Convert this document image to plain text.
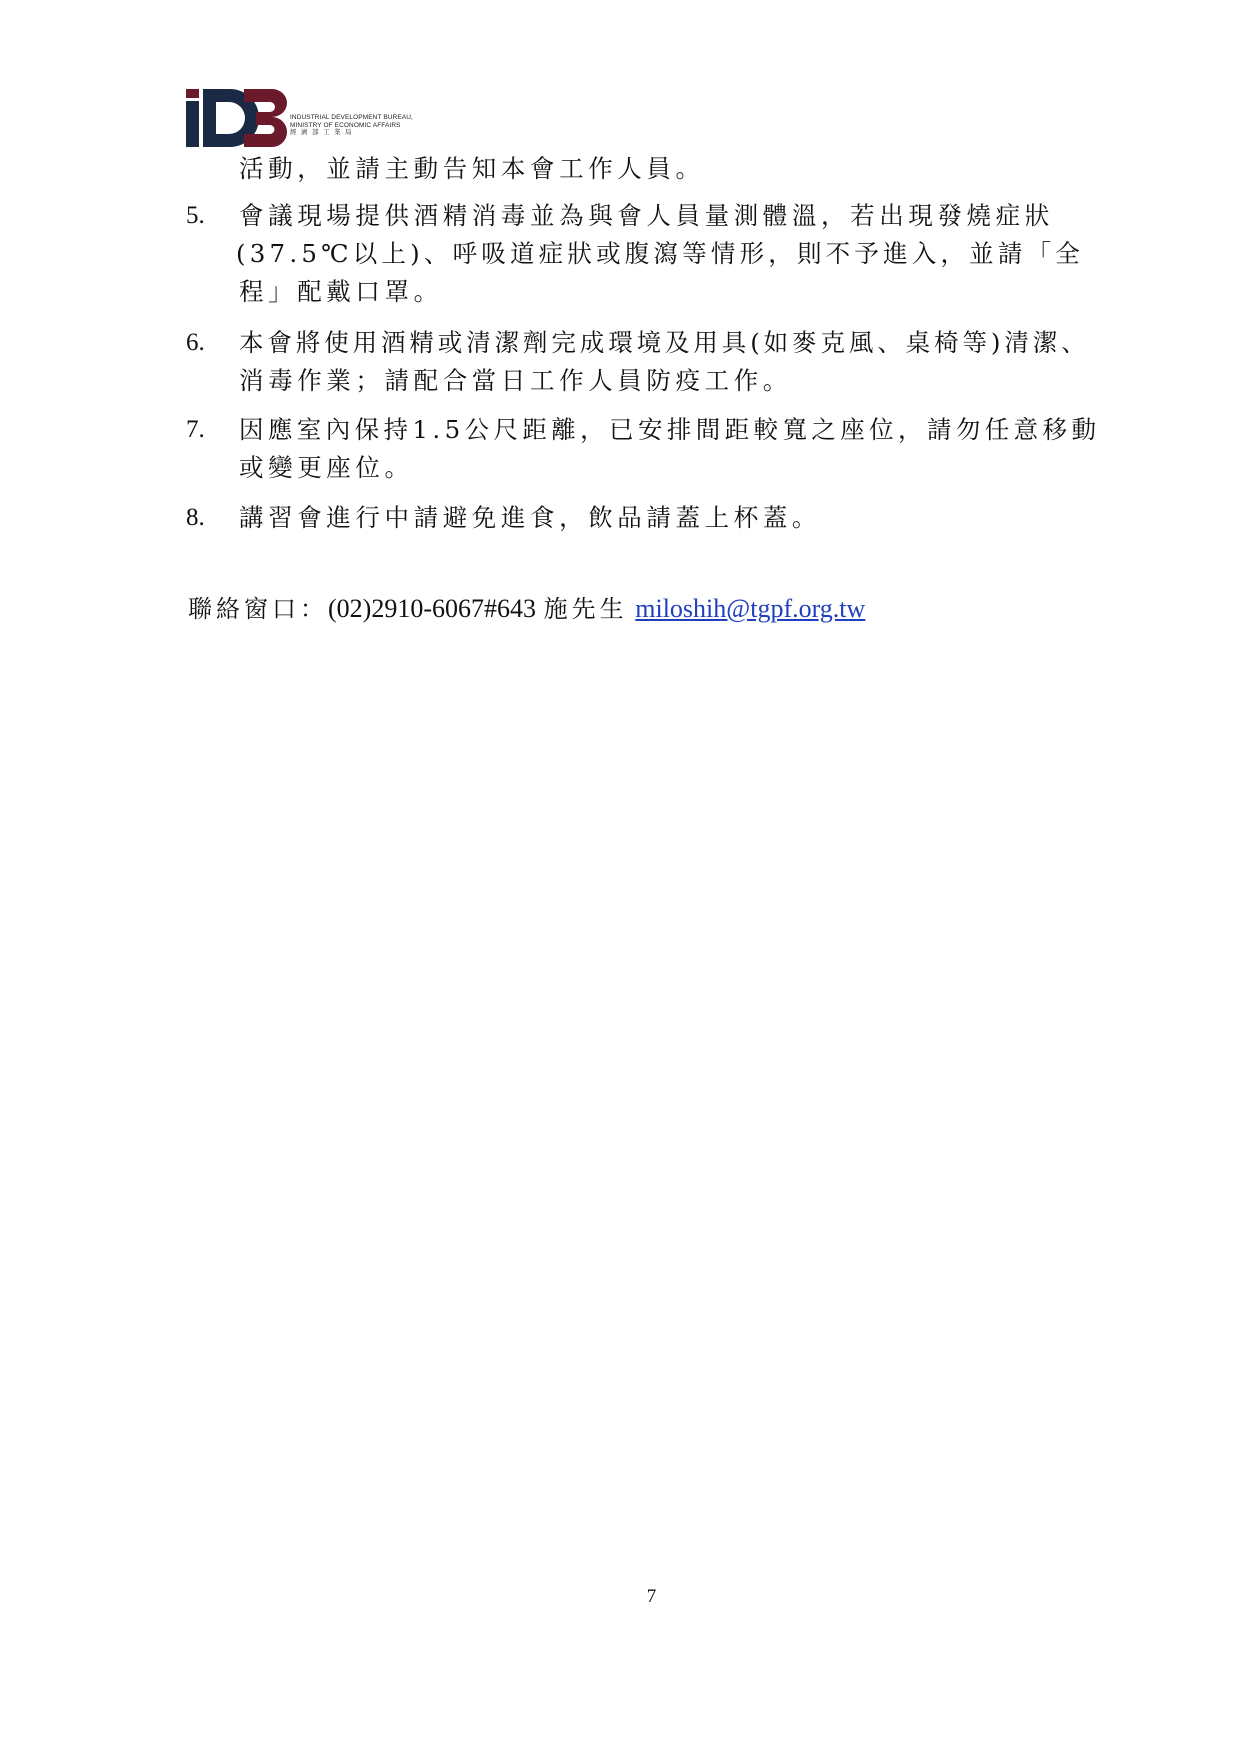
INDUSTRIAL DEVELOPMENT BUREAU,
MINISTRY OF ECONOMIC AFFAIRS
經濟部工業局
活動，並請主動告知本會工作人員。
5. 會議現場提供酒精消毒並為與會人員量測體溫，若出現發燒症狀
(37.5℃以上)、呼吸道症狀或腹瀉等情形，則不予進入，並請「全
程」配戴口罩。
6. 本會將使用酒精或清潔劑完成環境及用具(如麥克風、桌椅等)清潔、
消毒作業；請配合當日工作人員防疫工作。
7. 因應室內保持1.5公尺距離，已安排間距較寬之座位，請勿任意移動
或變更座位。
8. 講習會進行中請避免進食，飲品請蓋上杯蓋。
聯絡窗口：(02)2910-6067#643 施先生 miloshih@tgpf.org.tw
7
